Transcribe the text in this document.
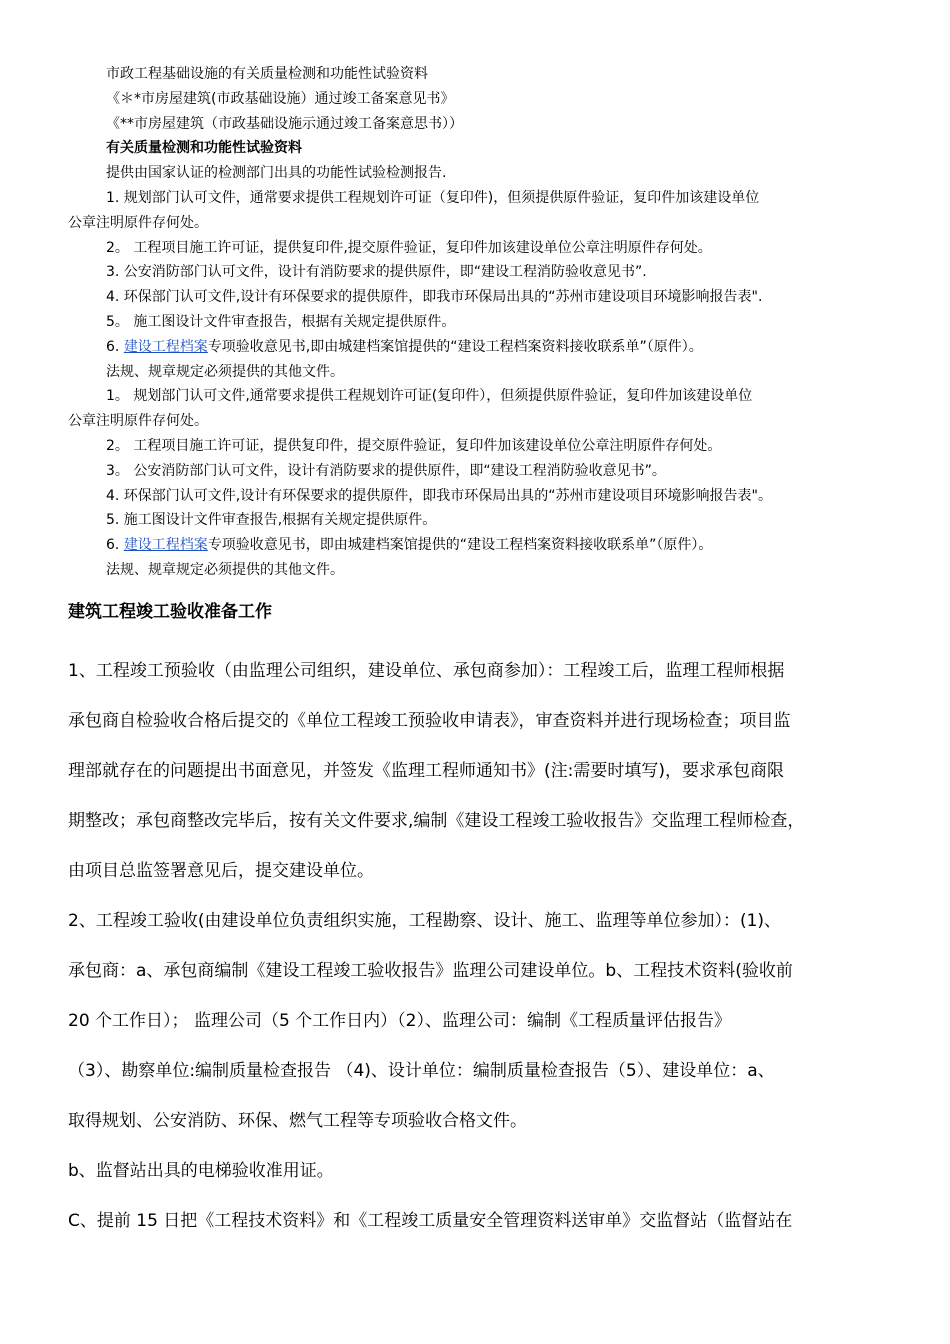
市政工程基础设施的有关质量检测和功能性试验资料
《＊*市房屋建筑(市政基础设施）通过竣工备案意见书》
《**市房屋建筑（市政基础设施示通过竣工备案意思书））
有关质量检测和功能性试验资料
提供由国家认证的检测部门出具的功能性试验检测报告.
1. 规划部门认可文件，通常要求提供工程规划许可证（复印件)，但须提供原件验证，复印件加该建设单位
公章注明原件存何处。
2。 工程项目施工许可证，提供复印件,提交原件验证，复印件加该建设单位公章注明原件存何处。
3. 公安消防部门认可文件，设计有消防要求的提供原件，即“建设工程消防验收意见书”.
4. 环保部门认可文件,设计有环保要求的提供原件，即我市环保局出具的“苏州市建设项目环境影响报告表".
5。 施工图设计文件审查报告，根据有关规定提供原件。
6. 建设工程档案专项验收意见书,即由城建档案馆提供的“建设工程档案资料接收联系单”（原件）。
法规、规章规定必须提供的其他文件。
1。 规划部门认可文件,通常要求提供工程规划许可证(复印件），但须提供原件验证，复印件加该建设单位
公章注明原件存何处。
2。 工程项目施工许可证，提供复印件，提交原件验证，复印件加该建设单位公章注明原件存何处。
3。 公安消防部门认可文件，设计有消防要求的提供原件，即“建设工程消防验收意见书”。
4. 环保部门认可文件,设计有环保要求的提供原件，即我市环保局出具的“苏州市建设项目环境影响报告表"。
5. 施工图设计文件审查报告,根据有关规定提供原件。
6. 建设工程档案专项验收意见书，即由城建档案馆提供的“建设工程档案资料接收联系单”（原件）。
法规、规章规定必须提供的其他文件。
建筑工程竣工验收准备工作
1、工程竣工预验收（由监理公司组织，建设单位、承包商参加）：工程竣工后，监理工程师根据
承包商自检验收合格后提交的《单位工程竣工预验收申请表》，审查资料并进行现场检查；项目监
理部就存在的问题提出书面意见，并签发《监理工程师通知书》(注:需要时填写)，要求承包商限
期整改；承包商整改完毕后，按有关文件要求,编制《建设工程竣工验收报告》交监理工程师检查，
由项目总监签署意见后，提交建设单位。
2、工程竣工验收(由建设单位负责组织实施，工程勘察、设计、施工、监理等单位参加）：(1)、
承包商：a、承包商编制《建设工程竣工验收报告》监理公司建设单位。b、工程技术资料(验收前
20 个工作日）； 监理公司（5 个工作日内）（2）、监理公司：编制《工程质量评估报告》
（3）、勘察单位:编制质量检查报告 （4)、设计单位：编制质量检查报告（5）、建设单位：a、
取得规划、公安消防、环保、燃气工程等专项验收合格文件。
b、监督站出具的电梯验收准用证。
C、提前 15 日把《工程技术资料》和《工程竣工质量安全管理资料送审单》交监督站（监督站在
